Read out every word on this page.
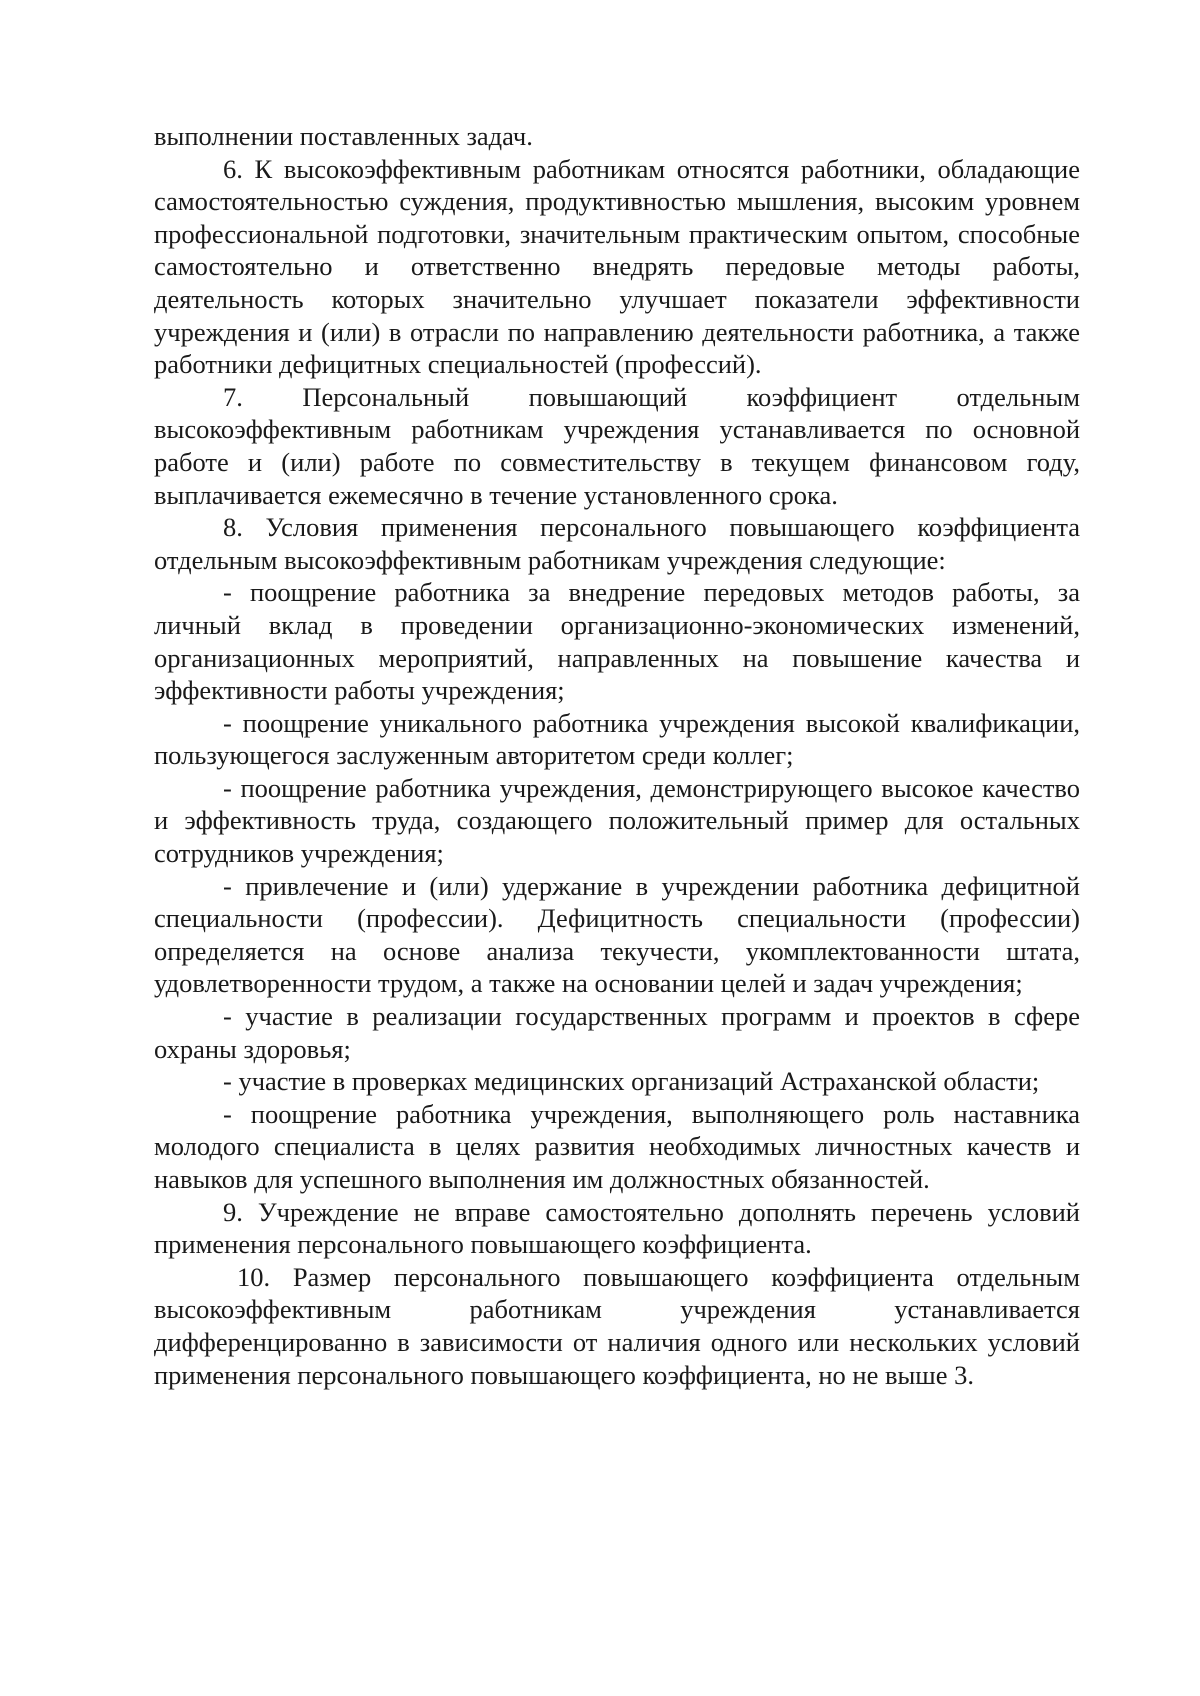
выполнении поставленных задач.

6. К высокоэффективным работникам относятся работники, обладающие самостоятельностью суждения, продуктивностью мышления, высоким уровнем профессиональной подготовки, значительным практическим опытом, способные самостоятельно и ответственно внедрять передовые методы работы, деятельность которых значительно улучшает показатели эффективности учреждения и (или) в отрасли по направлению деятельности работника, а также работники дефицитных специальностей (профессий).

7. Персональный повышающий коэффициент отдельным высокоэффективным работникам учреждения устанавливается по основной работе и (или) работе по совместительству в текущем финансовом году, выплачивается ежемесячно в течение установленного срока.

8. Условия применения персонального повышающего коэффициента отдельным высокоэффективным работникам учреждения следующие:

- поощрение работника за внедрение передовых методов работы, за личный вклад в проведении организационно-экономических изменений, организационных мероприятий, направленных на повышение качества и эффективности работы учреждения;

- поощрение уникального работника учреждения высокой квалификации, пользующегося заслуженным авторитетом среди коллег;

- поощрение работника учреждения, демонстрирующего высокое качество и эффективность труда, создающего положительный пример для остальных сотрудников учреждения;

- привлечение и (или) удержание в учреждении работника дефицитной специальности (профессии). Дефицитность специальности (профессии) определяется на основе анализа текучести, укомплектованности штата, удовлетворенности трудом, а также на основании целей и задач учреждения;

- участие в реализации государственных программ и проектов в сфере охраны здоровья;

- участие в проверках медицинских организаций Астраханской области;

- поощрение работника учреждения, выполняющего роль наставника молодого специалиста в целях развития необходимых личностных качеств и навыков для успешного выполнения им должностных обязанностей.

9. Учреждение не вправе самостоятельно дополнять перечень условий применения персонального повышающего коэффициента.

10. Размер персонального повышающего коэффициента отдельным высокоэффективным работникам учреждения устанавливается дифференцированно в зависимости от наличия одного или нескольких условий применения персонального повышающего коэффициента, но не выше 3.
